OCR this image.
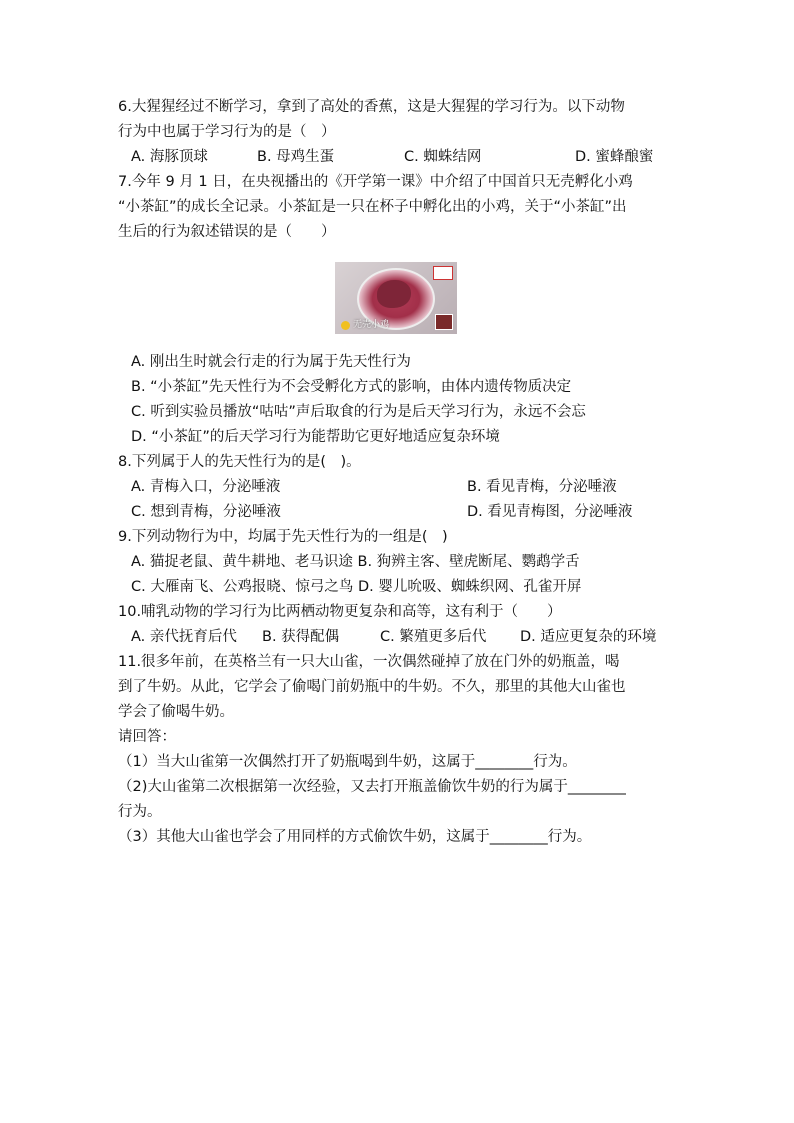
6.大猩猩经过不断学习，拿到了高处的香蕉，这是大猩猩的学习行为。以下动物
行为中也属于学习行为的是（　）
A. 海豚顶球	B. 母鸡生蛋	C. 蜘蛛结网	D. 蜜蜂酿蜜
7.今年 9 月 1 日，在央视播出的《开学第一课》中介绍了中国首只无壳孵化小鸡
“小茶缸”的成长全记录。小茶缸是一只在杯子中孵化出的小鸡，关于“小茶缸”出
生后的行为叙述错误的是（　　）
无壳小鸡
A. 刚出生时就会行走的行为属于先天性行为
B. “小茶缸”先天性行为不会受孵化方式的影响，由体内遗传物质决定
C. 听到实验员播放“咕咕”声后取食的行为是后天学习行为，永远不会忘
D. “小茶缸”的后天学习行为能帮助它更好地适应复杂环境
8.下列属于人的先天性行为的是(　)。
A. 青梅入口，分泌唾液	B. 看见青梅，分泌唾液
C. 想到青梅，分泌唾液	D. 看见青梅图，分泌唾液
9.下列动物行为中，均属于先天性行为的一组是(　)
A. 猫捉老鼠、黄牛耕地、老马识途 B. 狗辨主客、壁虎断尾、鹦鹉学舌
C. 大雁南飞、公鸡报晓、惊弓之鸟 D. 婴儿吮吸、蜘蛛织网、孔雀开屏
10.哺乳动物的学习行为比两栖动物更复杂和高等，这有利于（　　）
A. 亲代抚育后代 B. 获得配偶	C. 繁殖更多后代 D. 适应更复杂的环境
11.很多年前，在英格兰有一只大山雀，一次偶然碰掉了放在门外的奶瓶盖，喝
到了牛奶。从此，它学会了偷喝门前奶瓶中的牛奶。不久，那里的其他大山雀也
学会了偷喝牛奶。
请回答：
（1）当大山雀第一次偶然打开了奶瓶喝到牛奶，这属于________行为。
（2)大山雀第二次根据第一次经验，又去打开瓶盖偷饮牛奶的行为属于________
行为。
（3）其他大山雀也学会了用同样的方式偷饮牛奶，这属于________行为。
